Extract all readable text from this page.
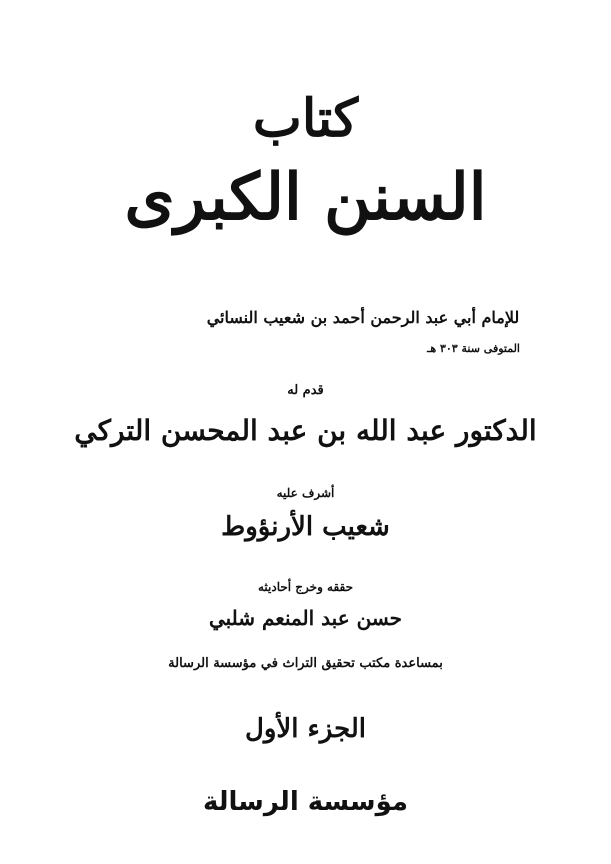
كتاب
السنن الكبرى
للإمام أبي عبد الرحمن أحمد بن شعيب النسائي
المتوفى سنة ٣٠٣ هـ
قدم له
الدكتور عبد الله بن عبد المحسن التركي
أشرف عليه
شعيب الأرنؤوط
حققه وخرج أحاديثه
حسن عبد المنعم شلبي
بمساعدة مكتب تحقيق التراث في مؤسسة الرسالة
الجزء الأول
مؤسسة الرسالة
